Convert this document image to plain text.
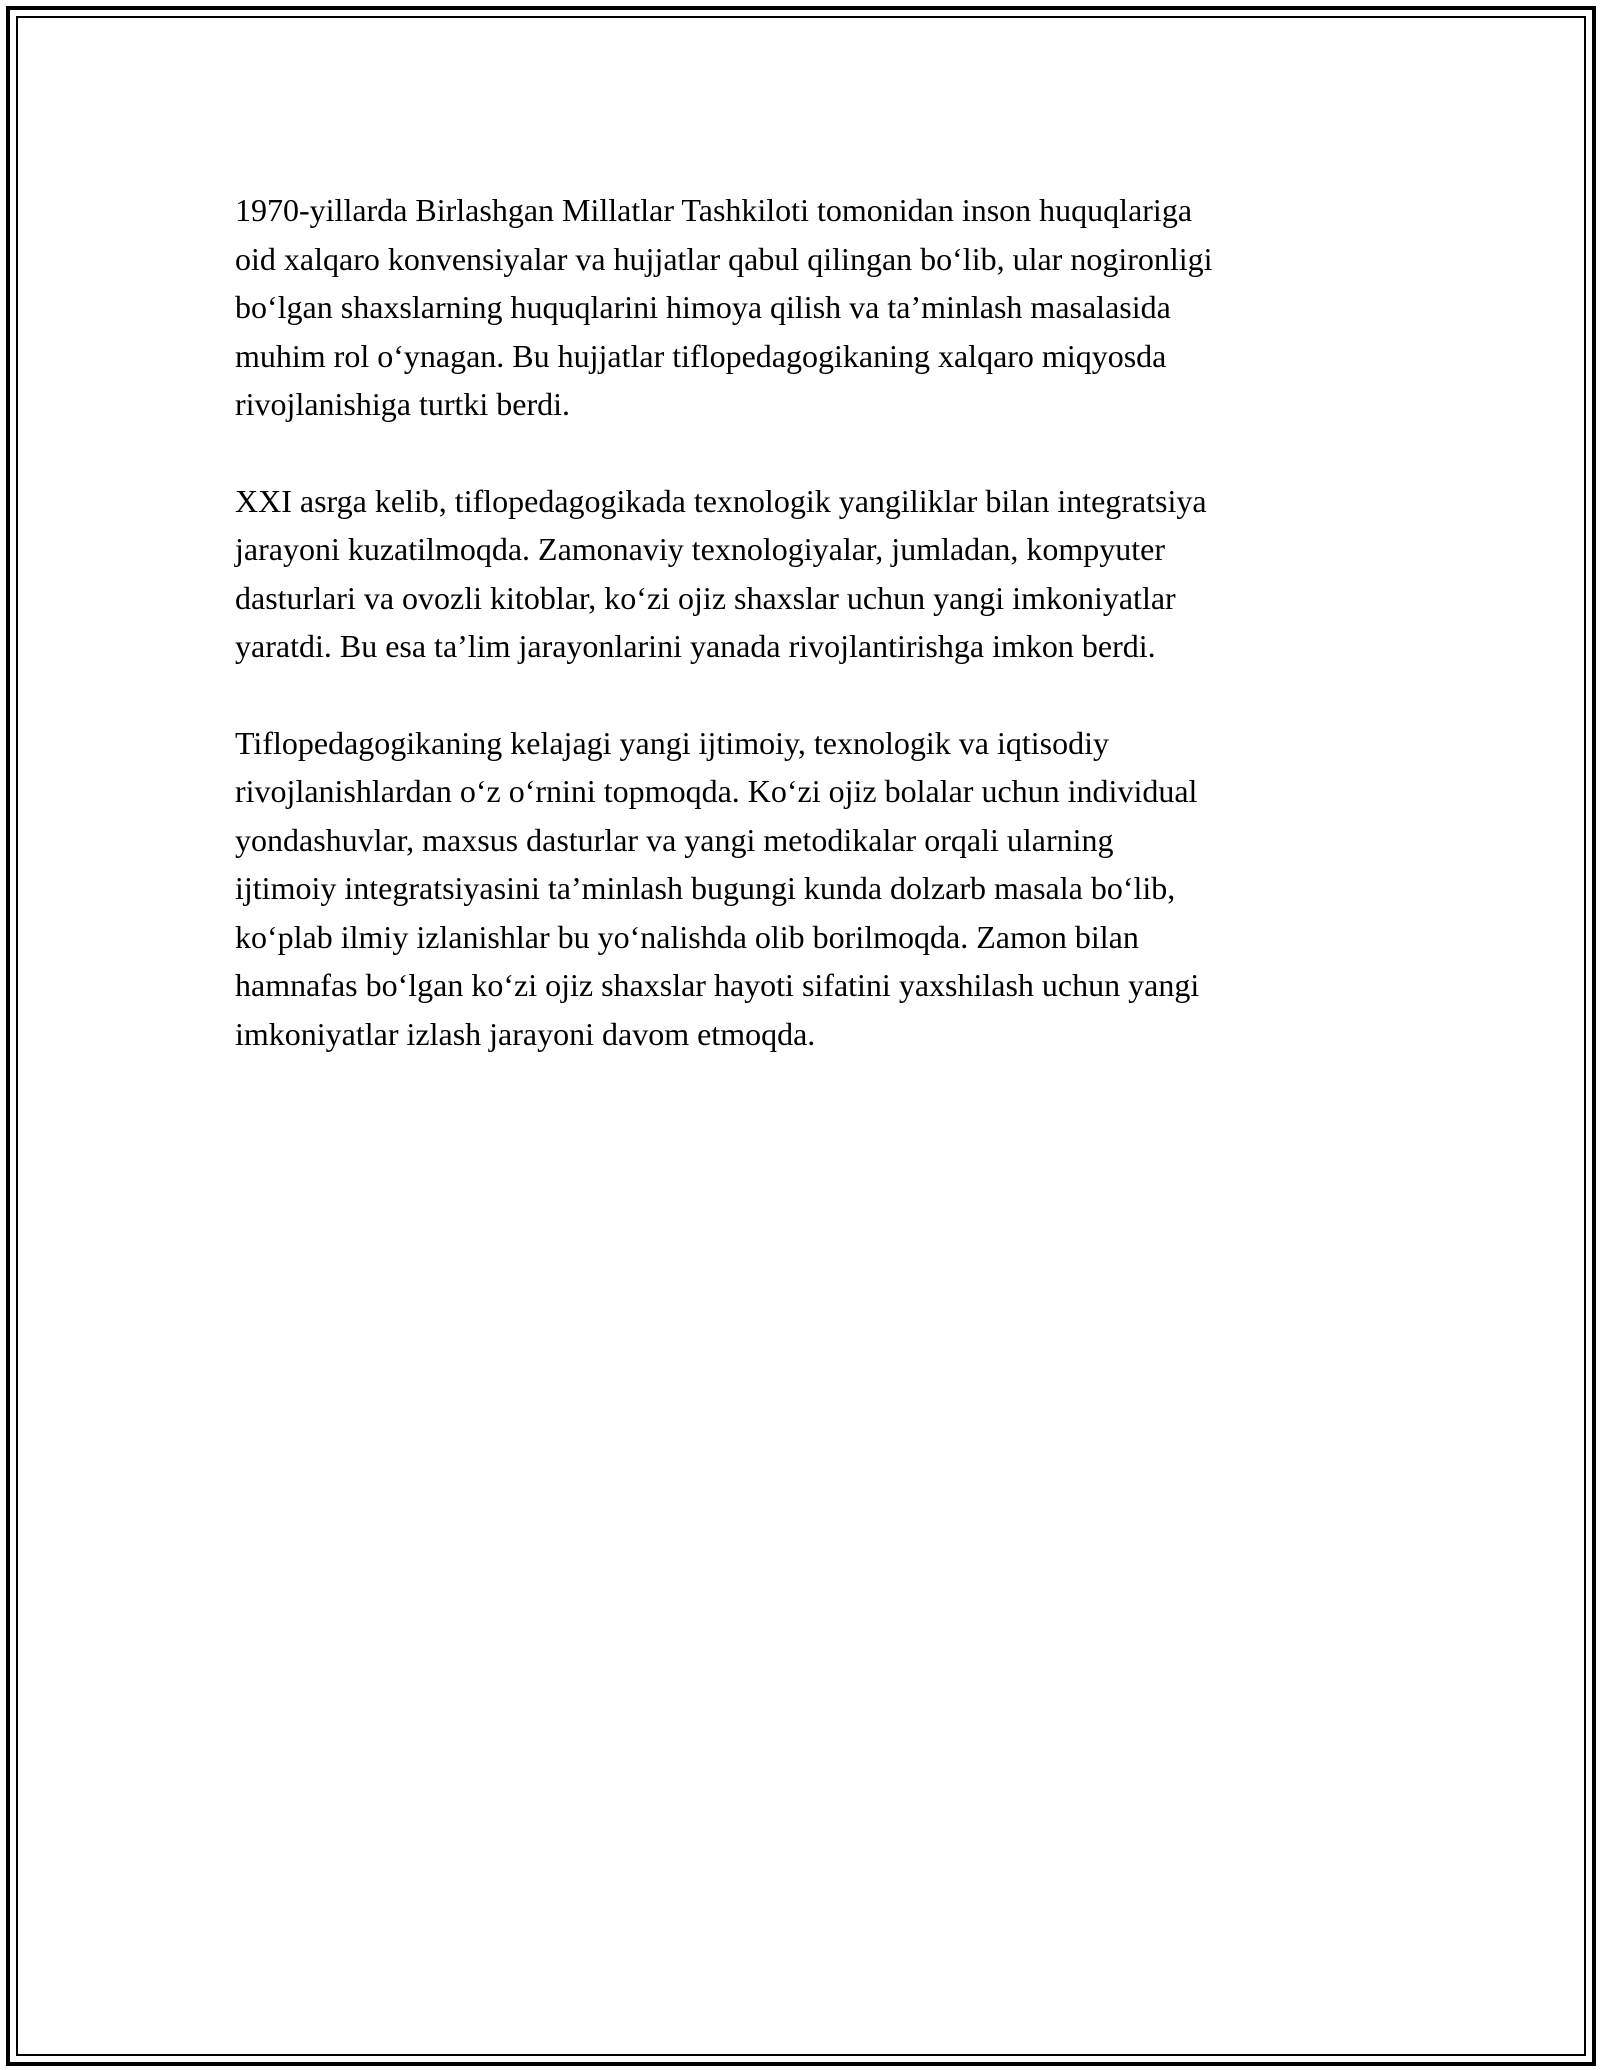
1970-yillarda Birlashgan Millatlar Tashkiloti tomonidan inson huquqlariga
oid xalqaro konvensiyalar va hujjatlar qabul qilingan bo‘lib, ular nogironligi
bo‘lgan shaxslarning huquqlarini himoya qilish va ta’minlash masalasida
muhim rol o‘ynagan. Bu hujjatlar tiflopedagogikaning xalqaro miqyosda
rivojlanishiga turtki berdi.

XXI asrga kelib, tiflopedagogikada texnologik yangiliklar bilan integratsiya
jarayoni kuzatilmoqda. Zamonaviy texnologiyalar, jumladan, kompyuter
dasturlari va ovozli kitoblar, ko‘zi ojiz shaxslar uchun yangi imkoniyatlar
yaratdi. Bu esa ta’lim jarayonlarini yanada rivojlantirishga imkon berdi.

Tiflopedagogikaning kelajagi yangi ijtimoiy, texnologik va iqtisodiy
rivojlanishlardan o‘z o‘rnini topmoqda. Ko‘zi ojiz bolalar uchun individual
yondashuvlar, maxsus dasturlar va yangi metodikalar orqali ularning
ijtimoiy integratsiyasini ta’minlash bugungi kunda dolzarb masala bo‘lib,
ko‘plab ilmiy izlanishlar bu yo‘nalishda olib borilmoqda. Zamon bilan
hamnafas bo‘lgan ko‘zi ojiz shaxslar hayoti sifatini yaxshilash uchun yangi
imkoniyatlar izlash jarayoni davom etmoqda.
